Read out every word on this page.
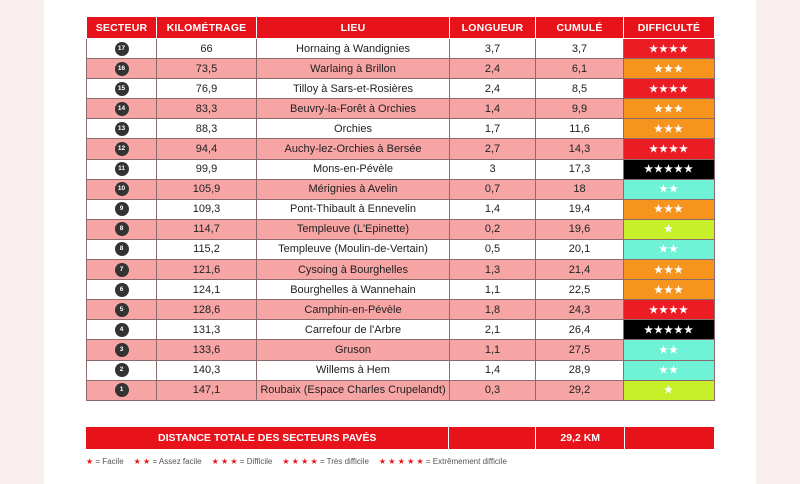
SECTEUR	KILOMÉTRAGE	LIEU	LONGUEUR	CUMULÉ	DIFFICULTÉ
17	66	Hornaing à Wandignies	3,7	3,7	★★★★
16	73,5	Warlaing à Brillon	2,4	6,1	★★★
15	76,9	Tilloy à Sars-et-Rosières	2,4	8,5	★★★★
14	83,3	Beuvry-la-Forêt à Orchies	1,4	9,9	★★★
13	88,3	Orchies	1,7	11,6	★★★
12	94,4	Auchy-lez-Orchies à Bersée	2,7	14,3	★★★★
11	99,9	Mons-en-Pévèle	3	17,3	★★★★★
10	105,9	Mérignies à Avelin	0,7	18	★★
9	109,3	Pont-Thibault à Ennevelin	1,4	19,4	★★★
8	114,7	Templeuve (L'Epinette)	0,2	19,6	★
8	115,2	Templeuve (Moulin-de-Vertain)	0,5	20,1	★★
7	121,6	Cysoing à Bourghelles	1,3	21,4	★★★
6	124,1	Bourghelles à Wannehain	1,1	22,5	★★★
5	128,6	Camphin-en-Pévèle	1,8	24,3	★★★★
4	131,3	Carrefour de l'Arbre	2,1	26,4	★★★★★
3	133,6	Gruson	1,1	27,5	★★
2	140,3	Willems à Hem	1,4	28,9	★★
1	147,1	Roubaix (Espace Charles Crupelandt)	0,3	29,2	★
DISTANCE TOTALE DES SECTEURS PAVÉS	29,2 KM
★ = Facile ★ ★ = Assez facile ★ ★ ★ = Difficile ★ ★ ★ ★ = Très difficile ★ ★ ★ ★ ★ = Extrêmement difficile
